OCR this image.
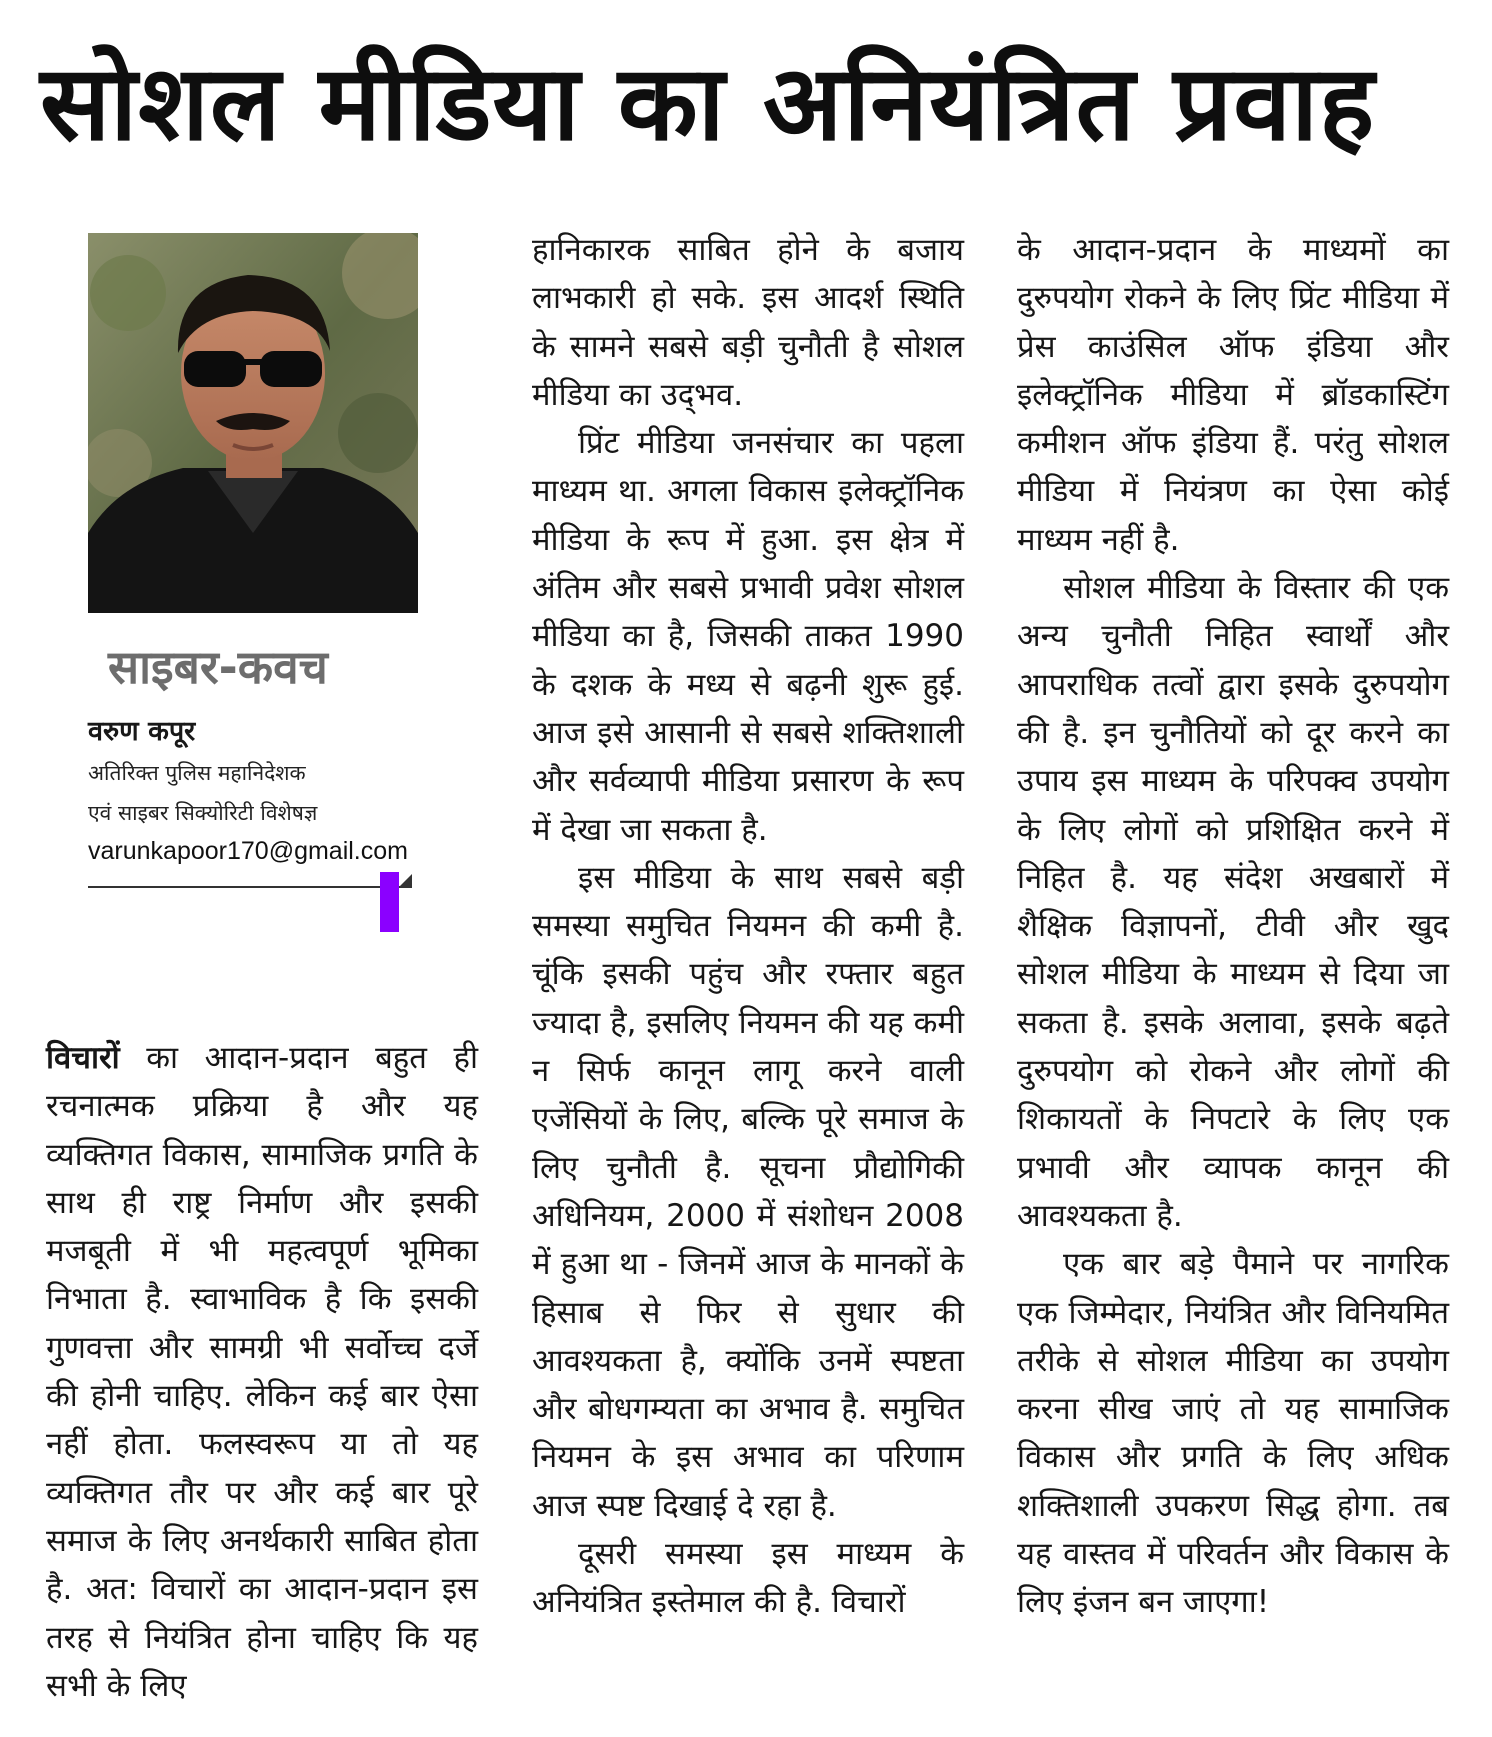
सोशल मीडिया का अनियंत्रित प्रवाह
साइबर-कवच
वरुण कपूर
अतिरिक्त पुलिस महानिदेशक
एवं साइबर सिक्योरिटी विशेषज्ञ
varunkapoor170@gmail.com

विचारों का आदान-प्रदान बहुत ही रचनात्मक प्रक्रिया है और यह व्यक्तिगत विकास, सामाजिक प्रगति के साथ ही राष्ट्र निर्माण और इसकी मजबूती में भी महत्वपूर्ण भूमिका निभाता है. स्वाभाविक है कि इसकी गुणवत्ता और सामग्री भी सर्वोच्च दर्जे की होनी चाहिए. लेकिन कई बार ऐसा नहीं होता. फलस्वरूप या तो यह व्यक्तिगत तौर पर और कई बार पूरे समाज के लिए अनर्थकारी साबित होता है. अत: विचारों का आदान-प्रदान इस तरह से नियंत्रित होना चाहिए कि यह सभी के लिए

हानिकारक साबित होने के बजाय लाभकारी हो सके. इस आदर्श स्थिति के सामने सबसे बड़ी चुनौती है सोशल मीडिया का उद्‌भव.

प्रिंट मीडिया जनसंचार का पहला माध्यम था. अगला विकास इलेक्ट्रॉनिक मीडिया के रूप में हुआ. इस क्षेत्र में अंतिम और सबसे प्रभावी प्रवेश सोशल मीडिया का है, जिसकी ताकत 1990 के दशक के मध्य से बढ़नी शुरू हुई. आज इसे आसानी से सबसे शक्तिशाली और सर्वव्यापी मीडिया प्रसारण के रूप में देखा जा सकता है.

इस मीडिया के साथ सबसे बड़ी समस्या समुचित नियमन की कमी है. चूंकि इसकी पहुंच और रफ्तार बहुत ज्यादा है, इसलिए नियमन की यह कमी न सिर्फ कानून लागू करने वाली एजेंसियों के लिए, बल्कि पूरे समाज के लिए चुनौती है. सूचना प्रौद्योगिकी अधिनियम, 2000 में संशोधन 2008 में हुआ था - जिनमें आज के मानकों के हिसाब से फिर से सुधार की आवश्यकता है, क्योंकि उनमें स्पष्टता और बोधगम्यता का अभाव है. समुचित नियमन के इस अभाव का परिणाम आज स्पष्ट दिखाई दे रहा है.

दूसरी समस्या इस माध्यम के अनियंत्रित इस्तेमाल की है. विचारों

के आदान-प्रदान के माध्यमों का दुरुपयोग रोकने के लिए प्रिंट मीडिया में प्रेस काउंसिल ऑफ इंडिया और इलेक्ट्रॉनिक मीडिया में ब्रॉडकास्टिंग कमीशन ऑफ इंडिया हैं. परंतु सोशल मीडिया में नियंत्रण का ऐसा कोई माध्यम नहीं है.

सोशल मीडिया के विस्तार की एक अन्य चुनौती निहित स्वार्थों और आपराधिक तत्वों द्वारा इसके दुरुपयोग की है. इन चुनौतियों को दूर करने का उपाय इस माध्यम के परिपक्व उपयोग के लिए लोगों को प्रशिक्षित करने में निहित है. यह संदेश अखबारों में शैक्षिक विज्ञापनों, टीवी और खुद सोशल मीडिया के माध्यम से दिया जा सकता है. इसके अलावा, इसके बढ़ते दुरुपयोग को रोकने और लोगों की शिकायतों के निपटारे के लिए एक प्रभावी और व्यापक कानून की आवश्यकता है.

एक बार बड़े पैमाने पर नागरिक एक जिम्मेदार, नियंत्रित और विनियमित तरीके से सोशल मीडिया का उपयोग करना सीख जाएं तो यह सामाजिक विकास और प्रगति के लिए अधिक शक्तिशाली उपकरण सिद्ध होगा. तब यह वास्तव में परिवर्तन और विकास के लिए इंजन बन जाएगा!
